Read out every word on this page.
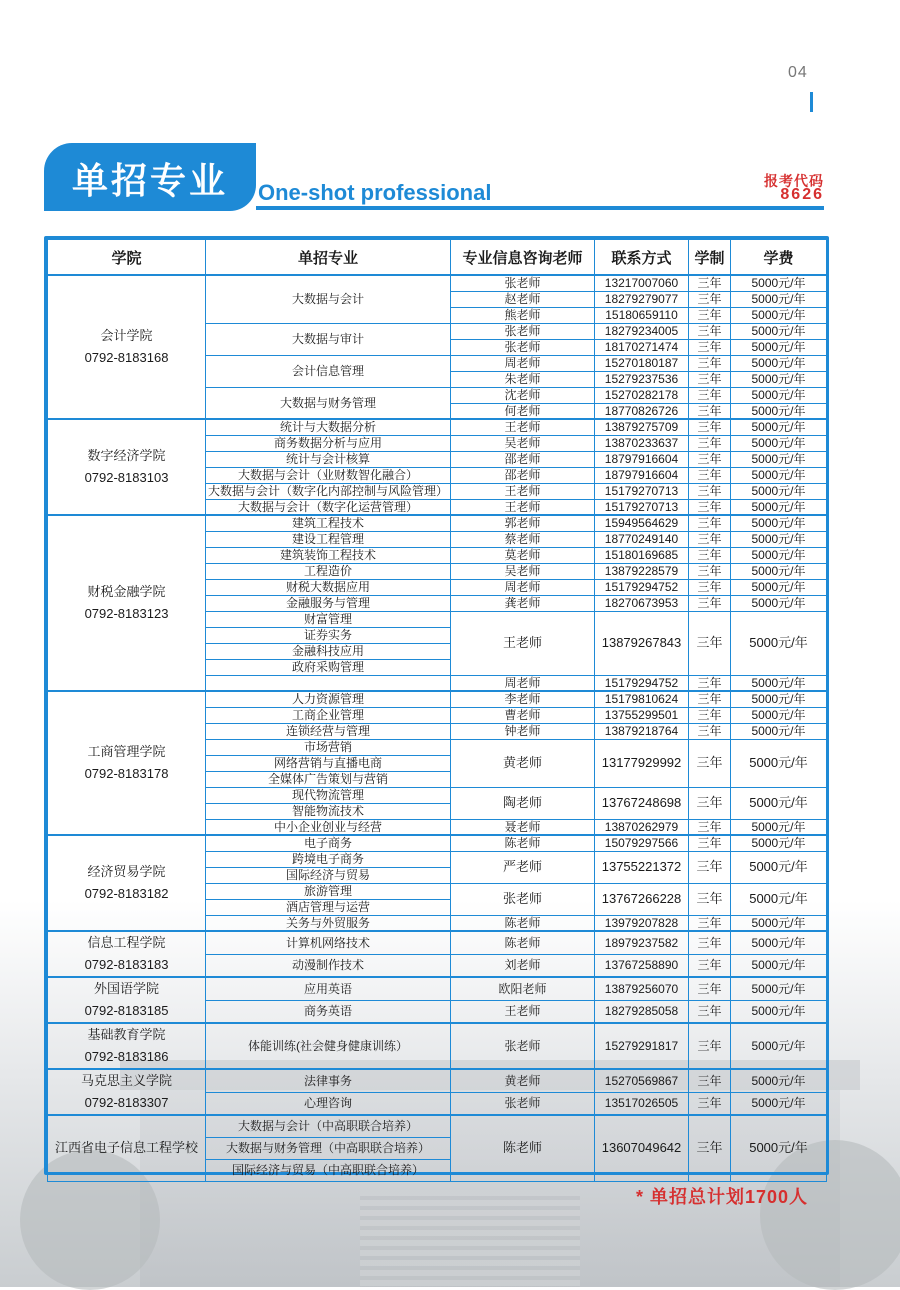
04
单招专业 One-shot professional	报考代码
8626
学院	单招专业	专业信息咨询老师	联系方式	学制	学费

会计学院
0792-8183168	大数据与会计	张老师	13217007060	三年	5000元/年
		赵老师	18279279077	三年	5000元/年
		熊老师	15180659110	三年	5000元/年
	大数据与审计	张老师	18279234005	三年	5000元/年
		张老师	18170271474	三年	5000元/年
	会计信息管理	周老师	15270180187	三年	5000元/年
		朱老师	15279237536	三年	5000元/年
	大数据与财务管理	沈老师	15270282178	三年	5000元/年
		何老师	18770826726	三年	5000元/年

数字经济学院
0792-8183103	统计与大数据分析	王老师	13879275709	三年	5000元/年
	商务数据分析与应用	吴老师	13870233637	三年	5000元/年
	统计与会计核算	邵老师	18797916604	三年	5000元/年
	大数据与会计（业财数智化融合）	邵老师	18797916604	三年	5000元/年
	大数据与会计（数字化内部控制与风险管理）	王老师	15179270713	三年	5000元/年
	大数据与会计（数字化运营管理）	王老师	15179270713	三年	5000元/年

财税金融学院
0792-8183123	建筑工程技术	郭老师	15949564629	三年	5000元/年
	建设工程管理	蔡老师	18770249140	三年	5000元/年
	建筑装饰工程技术	莫老师	15180169685	三年	5000元/年
	工程造价	吴老师	13879228579	三年	5000元/年
	财税大数据应用	周老师	15179294752	三年	5000元/年
	金融服务与管理	龚老师	18270673953	三年	5000元/年
	财富管理	王老师	13879267843	三年	5000元/年
	证券实务				
	金融科技应用				
	政府采购管理				
		周老师	15179294752	三年	5000元/年

工商管理学院
0792-8183178	人力资源管理	李老师	15179810624	三年	5000元/年
	工商企业管理	曹老师	13755299501	三年	5000元/年
	连锁经营与管理	钟老师	13879218764	三年	5000元/年
	市场营销	黄老师	13177929992	三年	5000元/年
	网络营销与直播电商				
	全媒体广告策划与营销				
	现代物流管理	陶老师	13767248698	三年	5000元/年
	智能物流技术				
	中小企业创业与经营	聂老师	13870262979	三年	5000元/年

经济贸易学院
0792-8183182	电子商务	陈老师	15079297566	三年	5000元/年
	跨境电子商务	严老师	13755221372	三年	5000元/年
	国际经济与贸易				
	旅游管理	张老师	13767266228	三年	5000元/年
	酒店管理与运营				
	关务与外贸服务	陈老师	13979207828	三年	5000元/年

信息工程学院
0792-8183183	计算机网络技术	陈老师	18979237582	三年	5000元/年
	动漫制作技术	刘老师	13767258890	三年	5000元/年

外国语学院
0792-8183185	应用英语	欧阳老师	13879256070	三年	5000元/年
	商务英语	王老师	18279285058	三年	5000元/年

基础教育学院
0792-8183186	体能训练(社会健身健康训练）	张老师	15279291817	三年	5000元/年

马克思主义学院
0792-8183307	法律事务	黄老师	15270569867	三年	5000元/年
	心理咨询	张老师	13517026505	三年	5000元/年

江西省电子信息工程学校	大数据与会计（中高职联合培养）	陈老师	13607049642	三年	5000元/年
	大数据与财务管理（中高职联合培养）				
	国际经济与贸易（中高职联合培养）				
* 单招总计划1700人
